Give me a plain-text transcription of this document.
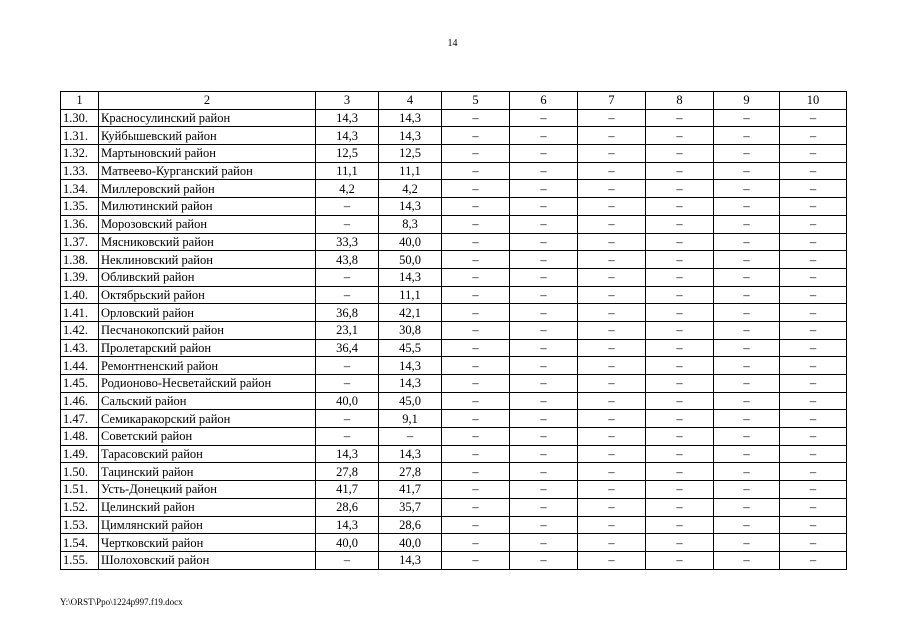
14
1	2	3	4	5	6	7	8	9	10
1.30.	Красносулинский район	14,3	14,3	–	–	–	–	–	–
1.31.	Куйбышевский район	14,3	14,3	–	–	–	–	–	–
1.32.	Мартыновский район	12,5	12,5	–	–	–	–	–	–
1.33.	Матвеево-Курганский район	11,1	11,1	–	–	–	–	–	–
1.34.	Миллеровский район	4,2	4,2	–	–	–	–	–	–
1.35.	Милютинский район	–	14,3	–	–	–	–	–	–
1.36.	Морозовский район	–	8,3	–	–	–	–	–	–
1.37.	Мясниковский район	33,3	40,0	–	–	–	–	–	–
1.38.	Неклиновский район	43,8	50,0	–	–	–	–	–	–
1.39.	Обливский район	–	14,3	–	–	–	–	–	–
1.40.	Октябрьский район	–	11,1	–	–	–	–	–	–
1.41.	Орловский район	36,8	42,1	–	–	–	–	–	–
1.42.	Песчанокопский район	23,1	30,8	–	–	–	–	–	–
1.43.	Пролетарский район	36,4	45,5	–	–	–	–	–	–
1.44.	Ремонтненский район	–	14,3	–	–	–	–	–	–
1.45.	Родионово-Несветайский район	–	14,3	–	–	–	–	–	–
1.46.	Сальский район	40,0	45,0	–	–	–	–	–	–
1.47.	Семикаракорский район	–	9,1	–	–	–	–	–	–
1.48.	Советский район	–	–	–	–	–	–	–	–
1.49.	Тарасовский район	14,3	14,3	–	–	–	–	–	–
1.50.	Тацинский район	27,8	27,8	–	–	–	–	–	–
1.51.	Усть-Донецкий район	41,7	41,7	–	–	–	–	–	–
1.52.	Целинский район	28,6	35,7	–	–	–	–	–	–
1.53.	Цимлянский район	14,3	28,6	–	–	–	–	–	–
1.54.	Чертковский район	40,0	40,0	–	–	–	–	–	–
1.55.	Шолоховский район	–	14,3	–	–	–	–	–	–
Y:\ORST\Ppo\1224p997.f19.docx
